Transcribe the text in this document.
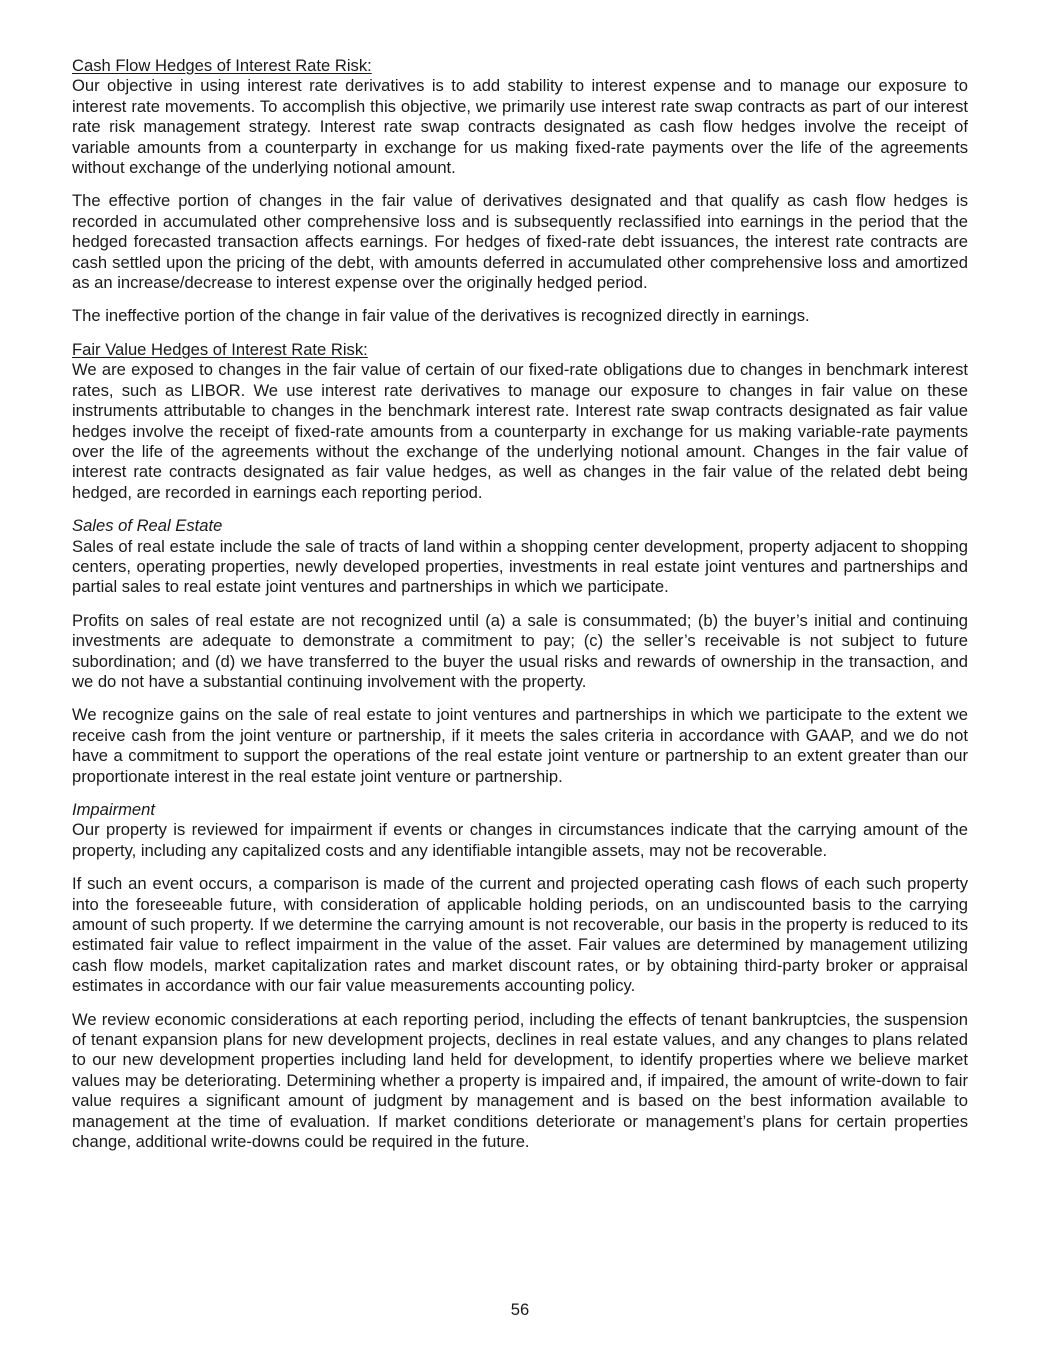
Cash Flow Hedges of Interest Rate Risk:

Our objective in using interest rate derivatives is to add stability to interest expense and to manage our exposure to interest rate movements. To accomplish this objective, we primarily use interest rate swap contracts as part of our interest rate risk management strategy. Interest rate swap contracts designated as cash flow hedges involve the receipt of variable amounts from a counterparty in exchange for us making fixed-rate payments over the life of the agreements without exchange of the underlying notional amount.

The effective portion of changes in the fair value of derivatives designated and that qualify as cash flow hedges is recorded in accumulated other comprehensive loss and is subsequently reclassified into earnings in the period that the hedged forecasted transaction affects earnings. For hedges of fixed-rate debt issuances, the interest rate contracts are cash settled upon the pricing of the debt, with amounts deferred in accumulated other comprehensive loss and amortized as an increase/decrease to interest expense over the originally hedged period.

The ineffective portion of the change in fair value of the derivatives is recognized directly in earnings.

Fair Value Hedges of Interest Rate Risk:

We are exposed to changes in the fair value of certain of our fixed-rate obligations due to changes in benchmark interest rates, such as LIBOR. We use interest rate derivatives to manage our exposure to changes in fair value on these instruments attributable to changes in the benchmark interest rate. Interest rate swap contracts designated as fair value hedges involve the receipt of fixed-rate amounts from a counterparty in exchange for us making variable-rate payments over the life of the agreements without the exchange of the underlying notional amount. Changes in the fair value of interest rate contracts designated as fair value hedges, as well as changes in the fair value of the related debt being hedged, are recorded in earnings each reporting period.

Sales of Real Estate

Sales of real estate include the sale of tracts of land within a shopping center development, property adjacent to shopping centers, operating properties, newly developed properties, investments in real estate joint ventures and partnerships and partial sales to real estate joint ventures and partnerships in which we participate.

Profits on sales of real estate are not recognized until (a) a sale is consummated; (b) the buyer’s initial and continuing investments are adequate to demonstrate a commitment to pay; (c) the seller’s receivable is not subject to future subordination; and (d) we have transferred to the buyer the usual risks and rewards of ownership in the transaction, and we do not have a substantial continuing involvement with the property.

We recognize gains on the sale of real estate to joint ventures and partnerships in which we participate to the extent we receive cash from the joint venture or partnership, if it meets the sales criteria in accordance with GAAP, and we do not have a commitment to support the operations of the real estate joint venture or partnership to an extent greater than our proportionate interest in the real estate joint venture or partnership.

Impairment

Our property is reviewed for impairment if events or changes in circumstances indicate that the carrying amount of the property, including any capitalized costs and any identifiable intangible assets, may not be recoverable.

If such an event occurs, a comparison is made of the current and projected operating cash flows of each such property into the foreseeable future, with consideration of applicable holding periods, on an undiscounted basis to the carrying amount of such property. If we determine the carrying amount is not recoverable, our basis in the property is reduced to its estimated fair value to reflect impairment in the value of the asset. Fair values are determined by management utilizing cash flow models, market capitalization rates and market discount rates, or by obtaining third-party broker or appraisal estimates in accordance with our fair value measurements accounting policy.

We review economic considerations at each reporting period, including the effects of tenant bankruptcies, the suspension of tenant expansion plans for new development projects, declines in real estate values, and any changes to plans related to our new development properties including land held for development, to identify properties where we believe market values may be deteriorating. Determining whether a property is impaired and, if impaired, the amount of write-down to fair value requires a significant amount of judgment by management and is based on the best information available to management at the time of evaluation. If market conditions deteriorate or management’s plans for certain properties change, additional write-downs could be required in the future.

56
